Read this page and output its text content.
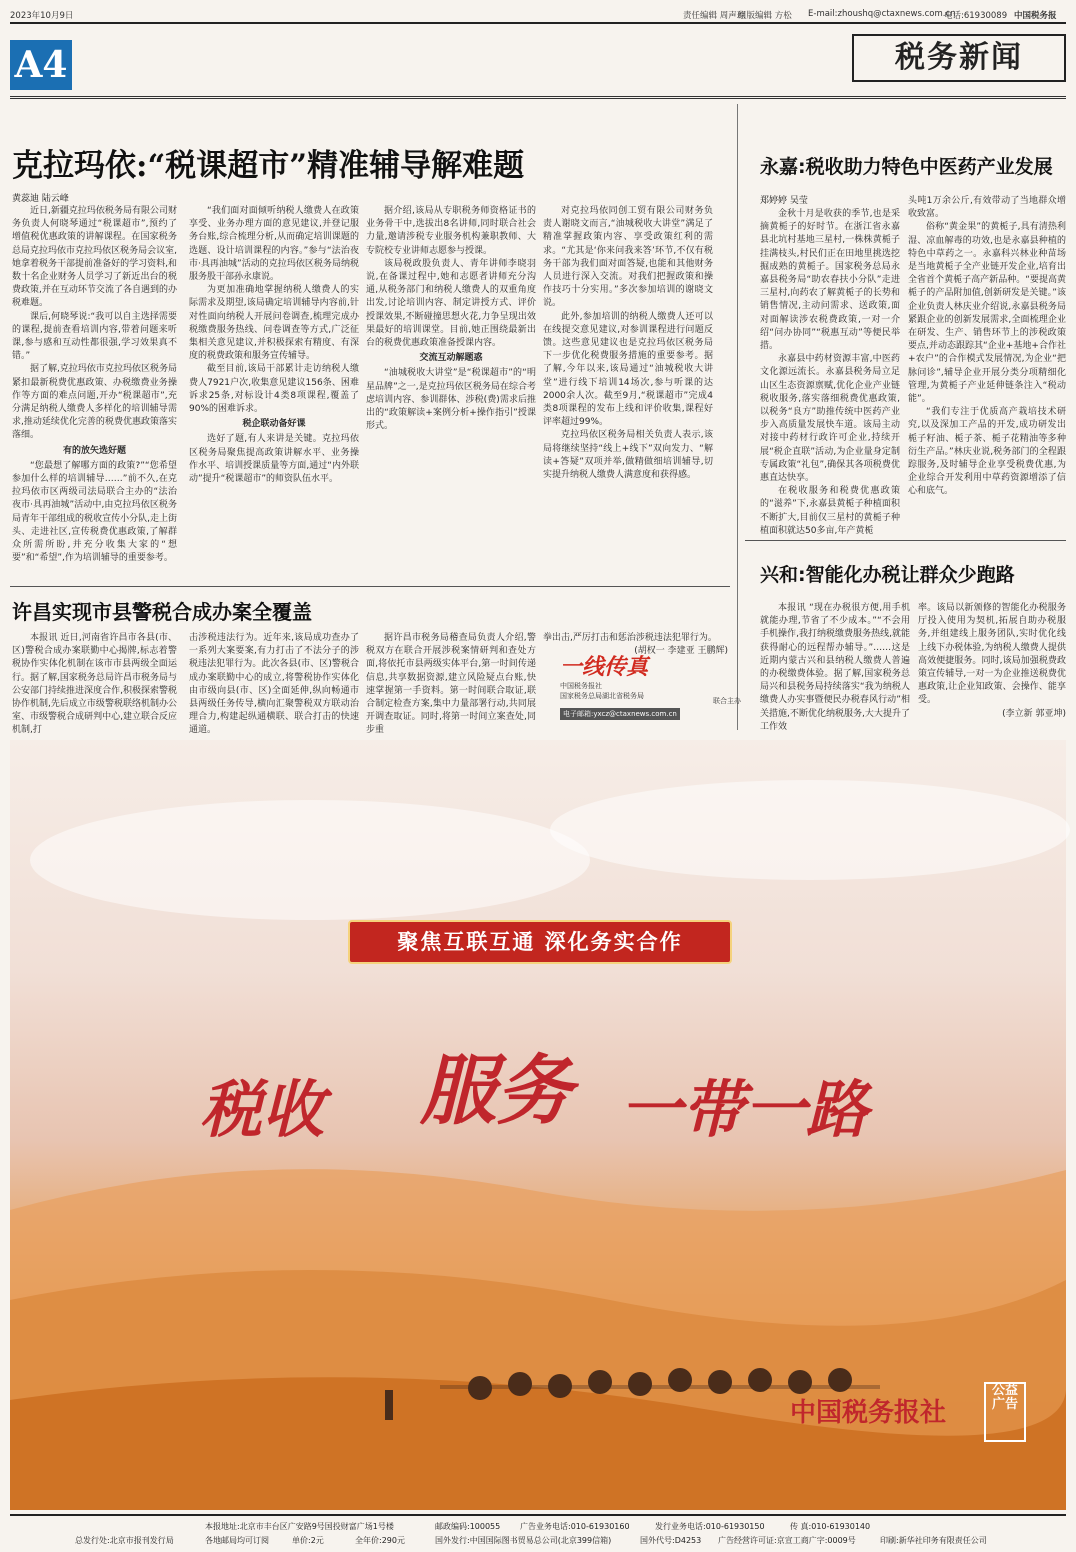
2023年10月9日	责任编辑 周声琼
组版编辑 方松 E-mail:zhoushq@ctaxnews.com.cn
电话:61930089 中国税务报
A4	税务新闻
克拉玛依:“税课超市”精准辅导解难题
黄蕊迪 陆云峰

近日,新疆克拉玛依税务局有限公司财务负责人何晓琴通过“税课超市”,预约了增值税优惠政策的讲解课程。在国家税务总局克拉玛依市克拉玛依区税务局会议室,她拿着税务干部提前准备好的学习资料,和数十名企业财务人员学习了新近出台的税费政策,并在互动环节交流了各自遇到的办税难题。

课后,何晓琴说:“我可以自主选择需要的课程,提前查看培训内容,带着问题来听课,参与感和互动性都很强,学习效果真不错。”

据了解,克拉玛依市克拉玛依区税务局紧扣最新税费优惠政策、办税缴费业务操作等方面的难点问题,开办“税课超市”,充分满足纳税人缴费人多样化的培训辅导需求,推动延续优化完善的税费优惠政策落实落细。

有的放矢选好题

“您最想了解哪方面的政策?”“您希望参加什么样的培训辅导……”前不久,在克拉玛依市区两级司法局联合主办的“法治夜市·具再油城”活动中,由克拉玛依区税务局青年干部组成的税收宣传小分队,走上街头、走进社区,宣传税费优惠政策,了解群众所需所盼,并充分收集大家的“想要”和“希望”,作为培训辅导的重要参考。

“我们面对面倾听纳税人缴费人在政策享受、业务办理方面的意见建议,并登记服务台账,综合梳理分析,从而确定培训课题的选题、设计培训课程的内容。”参与“法治夜市·具再油城”活动的克拉玛依区税务局纳税服务股干部孙永康说。

为更加准确地掌握纳税人缴费人的实际需求及期望,该局确定培训辅导内容前,针对性面向纳税人开展问卷调查,梳理完成办税缴费服务热线、问卷调查等方式,广泛征集相关意见建议,并积极探索有精度、有深度的税费政策和服务宣传辅导。

截至目前,该局干部累计走访纳税人缴费人7921户次,收集意见建议156条、困难诉求25条,对标设计4类8项课程,覆盖了90%的困难诉求。

税企联动备好课

选好了题,有人来讲是关键。克拉玛依区税务局聚焦提高政策讲解水平、业务操作水平、培训授课质量等方面,通过“内外联动”提升“税课超市”的师资队伍水平。

据介绍,该局从专职税务师资格证书的业务骨干中,选拔出8名讲师,同时联合社会力量,邀请涉税专业服务机构兼职教师、大专院校专业讲师志愿参与授课。

该局税政股负责人、青年讲师李晓羽说,在备课过程中,她和志愿者讲师充分沟通,从税务部门和纳税人缴费人的双重角度出发,讨论培训内容、制定讲授方式、评价授课效果,不断碰撞思想火花,力争呈现出效果最好的培训课堂。目前,她正围绕最新出台的税费优惠政策准备授课内容。

交流互动解题惑

“油城税收大讲堂”是“税课超市”的“明星品牌”之一,是克拉玛依区税务局在综合考虑培训内容、参训群体、涉税(费)需求后推出的“政策解读+案例分析+操作指引”授课形式。

对克拉玛依同创工贸有限公司财务负责人谢晓文而言,“油城税收大讲堂”满足了精准掌握政策内容、享受政策红利的需求。“尤其是‘你来问我来答’环节,不仅有税务干部为我们面对面答疑,也能和其他财务人员进行深入交流。对我们把握政策和操作技巧十分实用。”多次参加培训的谢晓文说。

此外,参加培训的纳税人缴费人还可以在线提交意见建议,对参训课程进行问题反馈。这些意见建议也是克拉玛依区税务局下一步优化税费服务措施的重要参考。据了解,今年以来,该局通过“油城税收大讲堂”进行线下培训14场次,参与听课的达2000余人次。截至9月,“税课超市”完成4类8项课程的发布上线和评价收集,课程好评率超过99%。

克拉玛依区税务局相关负责人表示,该局将继续坚持“线上+线下”双向发力、“解读+答疑”双项并举,做精做细培训辅导,切实提升纳税人缴费人满意度和获得感。

许昌实现市县警税合成办案全覆盖

本报讯 近日,河南省许昌市各县(市、区)警税合成办案联勤中心揭牌,标志着警税协作实体化机制在该市市县两级全面运行。据了解,国家税务总局许昌市税务局与公安部门持续推进深度合作,积极探索警税协作机制,先后成立市级警税联络机制办公室、市级警税合成研判中心,建立联合反应机制,打

击涉税违法行为。近年来,该局成功查办了一系列大案要案,有力打击了不法分子的涉税违法犯罪行为。此次各县(市、区)警税合成办案联勤中心的成立,将警税协作实体化由市级向县(市、区)全面延伸,纵向畅通市县两级任务传导,横向汇聚警税双方联动治理合力,构建起纵通横联、联合打击的快速通道。

据许昌市税务局稽查局负责人介绍,警税双方在联合开展涉税案情研判和查处方面,将依托市县两级实体平台,第一时间传递信息,共享数据资源,建立风险疑点台账,快速掌握第一手资料。第一时间联合取证,联合制定检查方案,集中力量部署行动,共同展开调查取证。同时,将第一时间立案查处,同步重

拳出击,严厉打击和惩治涉税违法犯罪行为。

(胡权一 李建亚 王鹏辉)

一线传真
中国税务报社
国家税务总局湖北省税务局
联合主办
电子邮箱:yxcz@ctaxnews.com.cn
永嘉:税收助力特色中医药产业发展
郑婷婷 吴莹

金秋十月是收获的季节,也是采摘黄栀子的好时节。在浙江省永嘉县北坑村基地三星村,一株株黄栀子挂满枝头,村民们正在田地里挑选挖掘成熟的黄栀子。国家税务总局永嘉县税务局“助农春扶小分队”走进三星村,向药农了解黄栀子的长势和销售情况,主动问需求、送政策,面对面解读涉农税费政策,一对一介绍“问办协同”“税惠互动”等便民举措。

永嘉县中药材资源丰富,中医药文化源远流长。永嘉县税务局立足山区生态资源禀赋,优化企业产业链税收服务,落实落细税费优惠政策,以税务“良方”助推传统中医药产业步入高质量发展快车道。该局主动对接中药材行政许可企业,持续开展“税企直联”活动,为企业量身定制专属政策“礼包”,确保其各项税费优惠直达快享。

在税收服务和税费优惠政策的“滋养”下,永嘉县黄栀子种植面积不断扩大,目前仅三星村的黄栀子种植面积就达50多亩,年产黄栀

头吨1万余公斤,有效带动了当地群众增收致富。

俗称“黄金果”的黄栀子,具有清热利湿、凉血解毒的功效,也是永嘉县种植的特色中草药之一。永嘉科兴林业种苗场是当地黄栀子全产业链开发企业,培育出全省首个黄栀子高产新品种。“要提高黄栀子的产品附加值,创新研发是关键。”该企业负责人林庆业介绍说,永嘉县税务局紧跟企业的创新发展需求,全面梳理企业在研发、生产、销售环节上的涉税政策要点,并动态跟踪其“企业+基地+合作社+农户”的合作模式发展情况,为企业“把脉问诊”,辅导企业开展分类分项精细化管理,为黄栀子产业延伸链条注入“税动能”。

“我们专注于优质高产栽培技术研究,以及深加工产品的开发,成功研发出栀子籽油、栀子茶、栀子花精油等多种衍生产品。”林庆业说,税务部门的全程跟踪服务,及时辅导企业享受税费优惠,为企业综合开发利用中草药资源增添了信心和底气。

兴和:智能化办税让群众少跑路

本报讯 “现在办税很方便,用手机就能办理,节省了不少成本。”“不会用手机操作,我打纳税缴费服务热线,就能获得耐心的远程帮办辅导。”……这是近期内蒙古兴和县纳税人缴费人普遍的办税缴费体验。据了解,国家税务总局兴和县税务局持续落实“我为纳税人缴费人办实事暨便民办税春风行动”相关措施,不断优化纳税服务,大大提升了工作效

率。该局以新颁修的智能化办税服务厅投入使用为契机,拓展自助办税服务,并组建线上服务团队,实时优化线上线下办税体验,为纳税人缴费人提供高效便捷服务。同时,该局加强税费政策宣传辅导,一对一为企业推送税费优惠政策,让企业知政策、会操作、能享受。

(李立新 郭亚坤)

聚焦互联互通 深化务实合作
税收 服务 一带一路
中国税务报社
公益广告
本报地址:北京市丰台区广安路9号国投财富广场1号楼	邮政编码:100055 广告业务电话:010-61930160	发行业务电话:010-61930150	传 真:010-61930140
总发行处:北京市报刊发行局	各地邮局均可订阅	单价:2元	全年价:290元	国外发行:中国国际图书贸易总公司(北京399信箱)	国外代号:D4253 广告经营许可证:京宣工商广字:0009号	印刷:新华社印务有限责任公司
